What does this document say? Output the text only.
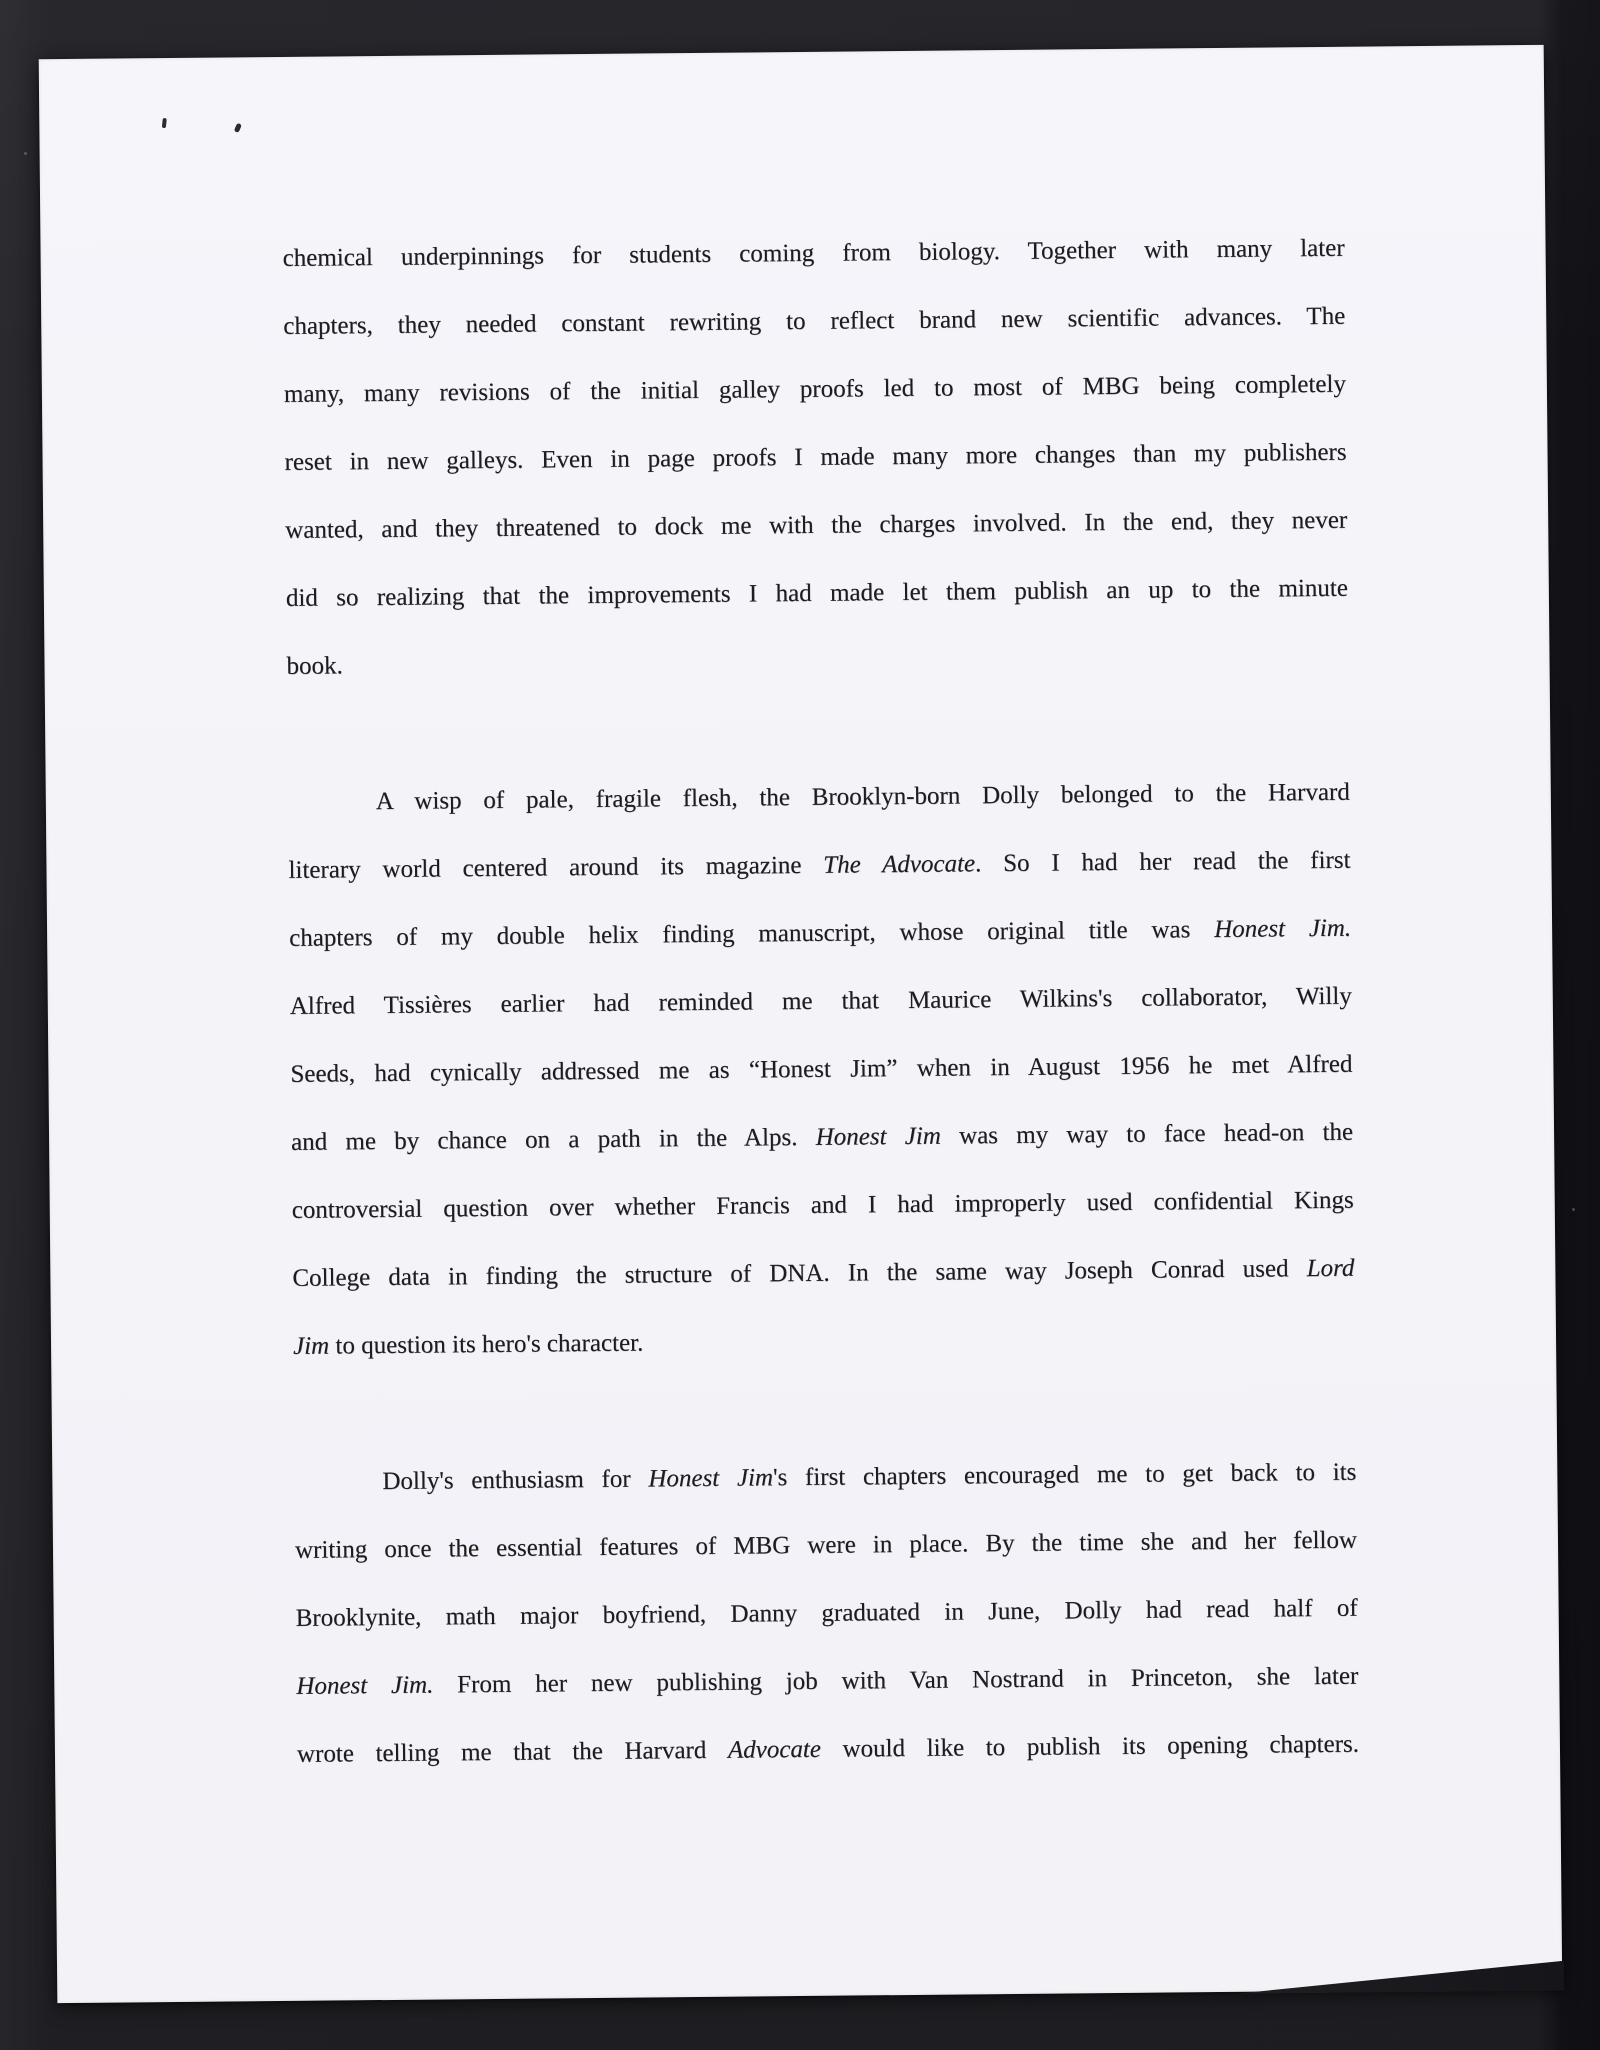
chemical underpinnings for students coming from biology. Together with many later
chapters, they needed constant rewriting to reflect brand new scientific advances. The
many, many revisions of the initial galley proofs led to most of MBG being completely
reset in new galleys. Even in page proofs I made many more changes than my publishers
wanted, and they threatened to dock me with the charges involved. In the end, they never
did so realizing that the improvements I had made let them publish an up to the minute
book.
A wisp of pale, fragile flesh, the Brooklyn-born Dolly belonged to the Harvard
literary world centered around its magazine The Advocate. So I had her read the first
chapters of my double helix finding manuscript, whose original title was Honest Jim.
Alfred Tissières earlier had reminded me that Maurice Wilkins's collaborator, Willy
Seeds, had cynically addressed me as “Honest Jim” when in August 1956 he met Alfred
and me by chance on a path in the Alps. Honest Jim was my way to face head-on the
controversial question over whether Francis and I had improperly used confidential Kings
College data in finding the structure of DNA. In the same way Joseph Conrad used Lord
Jim to question its hero's character.
Dolly's enthusiasm for Honest Jim's first chapters encouraged me to get back to its
writing once the essential features of MBG were in place. By the time she and her fellow
Brooklynite, math major boyfriend, Danny graduated in June, Dolly had read half of
Honest Jim. From her new publishing job with Van Nostrand in Princeton, she later
wrote telling me that the Harvard Advocate would like to publish its opening chapters.
